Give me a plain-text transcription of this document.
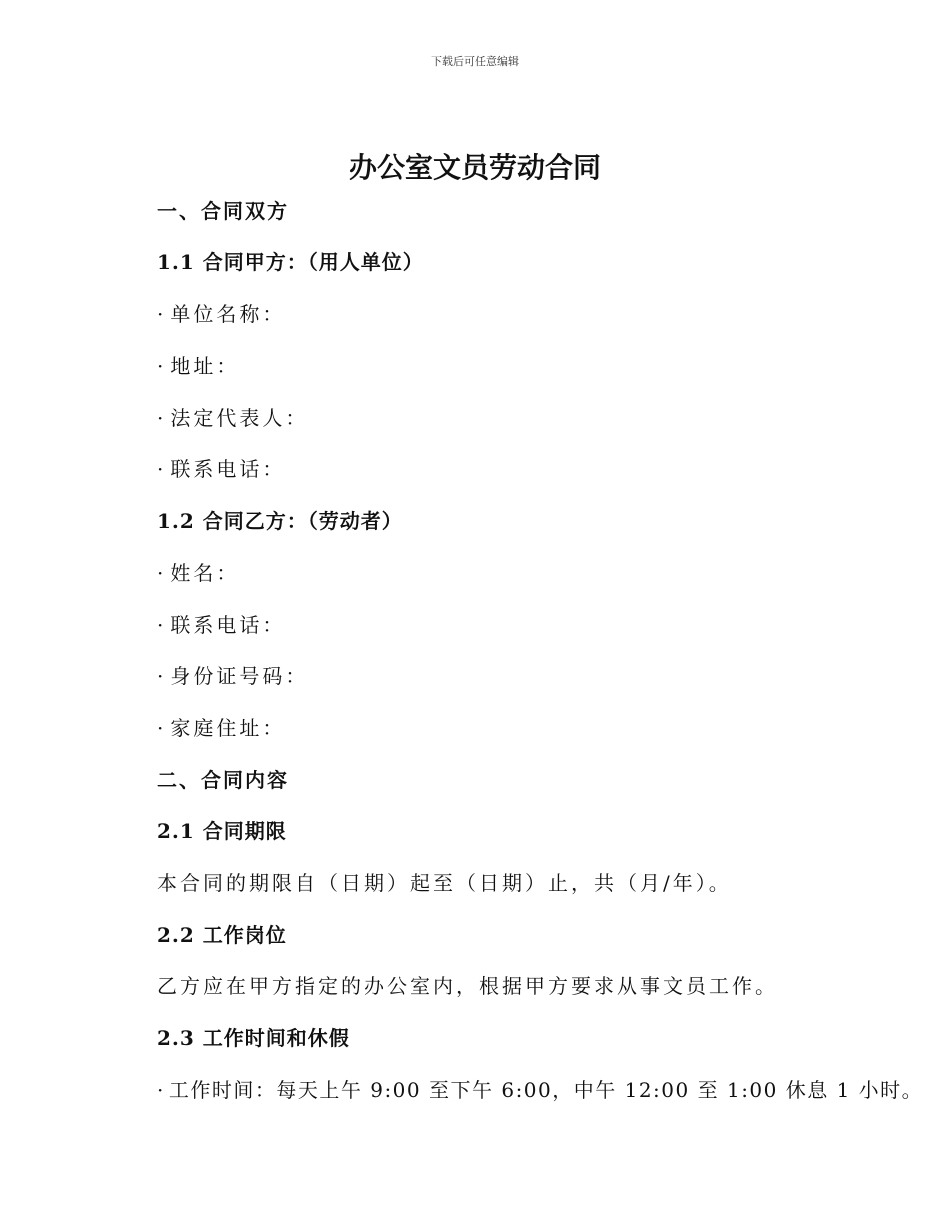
下载后可任意编辑
办公室文员劳动合同

一、合同双方

1.1 合同甲方：（用人单位）

· 单位名称：

· 地址：

· 法定代表人：

· 联系电话：

1.2 合同乙方：（劳动者）

· 姓名：

· 联系电话：

· 身份证号码：

· 家庭住址：

二、合同内容

2.1 合同期限

本合同的期限自（日期）起至（日期）止，共（月/年）。

2.2 工作岗位

乙方应在甲方指定的办公室内，根据甲方要求从事文员工作。

2.3 工作时间和休假

· 工作时间：每天上午 9:00 至下午 6:00，中午 12:00 至 1:00 休息 1 小时。
